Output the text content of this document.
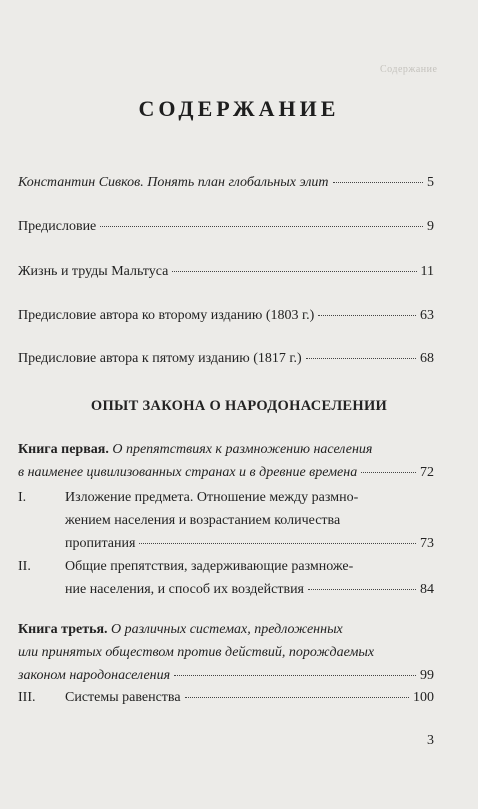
Содержание
СОДЕРЖАНИЕ
Константин Сивков. Понять план глобальных элит	5
Предисловие	9
Жизнь и труды Мальтуса	11
Предисловие автора ко второму изданию (1803 г.)	63
Предисловие автора к пятому изданию (1817 г.)	68
ОПЫТ ЗАКОНА О НАРОДОНАСЕЛЕНИИ
Книга первая. О препятствиях к размножению населения
в наименее цивилизованных странах и в древние времена	72
I.	Изложение предмета. Отношение между размно-
жением населения и возрастанием количества
пропитания	73
II. Общие препятствия, задерживающие размноже-
ние населения, и способ их воздействия	84
Книга третья. О различных системах, предложенных
или принятых обществом против действий, порождаемых
законом народонаселения	99
III. Системы равенства	100
3
